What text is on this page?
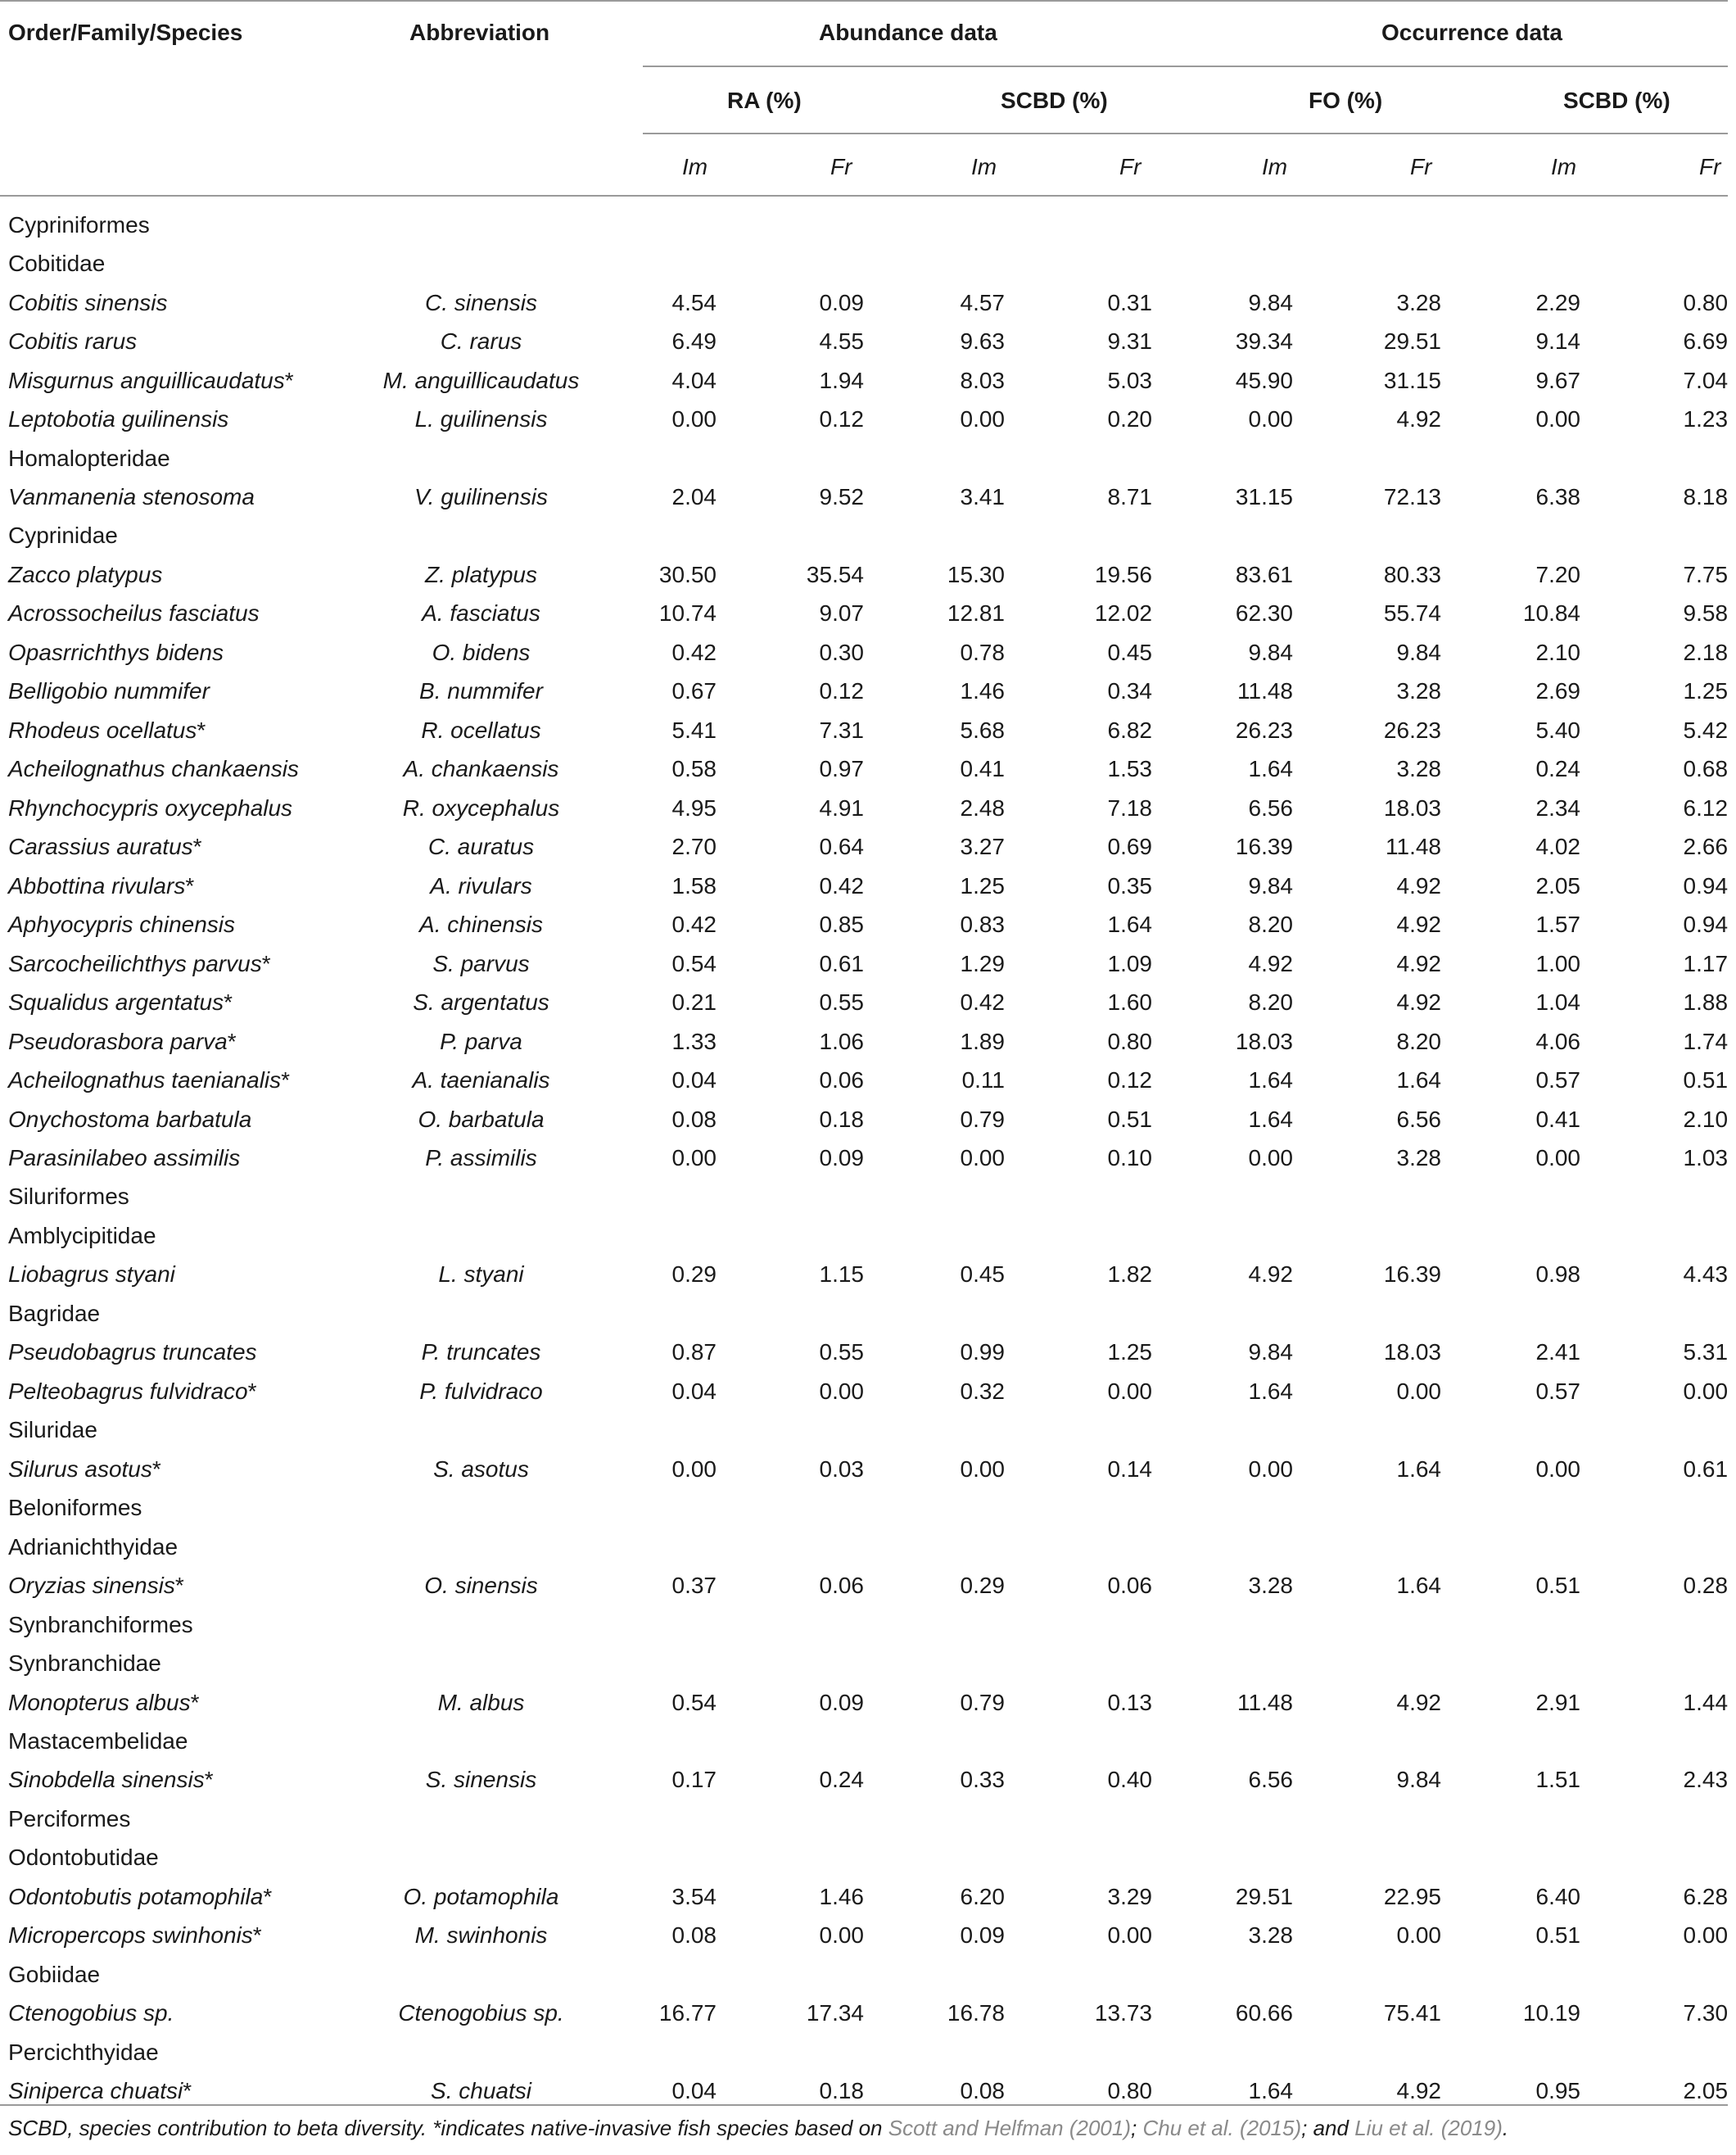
Order/Family/Species	Abbreviation	Abundance data	Occurrence data
RA (%)	SCBD (%)	FO (%)	SCBD (%)
Im	Fr	Im	Fr	Im	Fr	Im	Fr
Cypriniformes									
Cobitidae									
Cobitis sinensis	C. sinensis	4.54	0.09	4.57	0.31	9.84	3.28	2.29	0.80
Cobitis rarus	C. rarus	6.49	4.55	9.63	9.31	39.34	29.51	9.14	6.69
Misgurnus anguillicaudatus*	M. anguillicaudatus	4.04	1.94	8.03	5.03	45.90	31.15	9.67	7.04
Leptobotia guilinensis	L. guilinensis	0.00	0.12	0.00	0.20	0.00	4.92	0.00	1.23
Homalopteridae									
Vanmanenia stenosoma	V. guilinensis	2.04	9.52	3.41	8.71	31.15	72.13	6.38	8.18
Cyprinidae									
Zacco platypus	Z. platypus	30.50	35.54	15.30	19.56	83.61	80.33	7.20	7.75
Acrossocheilus fasciatus	A. fasciatus	10.74	9.07	12.81	12.02	62.30	55.74	10.84	9.58
Opasrrichthys bidens	O. bidens	0.42	0.30	0.78	0.45	9.84	9.84	2.10	2.18
Belligobio nummifer	B. nummifer	0.67	0.12	1.46	0.34	11.48	3.28	2.69	1.25
Rhodeus ocellatus*	R. ocellatus	5.41	7.31	5.68	6.82	26.23	26.23	5.40	5.42
Acheilognathus chankaensis	A. chankaensis	0.58	0.97	0.41	1.53	1.64	3.28	0.24	0.68
Rhynchocypris oxycephalus	R. oxycephalus	4.95	4.91	2.48	7.18	6.56	18.03	2.34	6.12
Carassius auratus*	C. auratus	2.70	0.64	3.27	0.69	16.39	11.48	4.02	2.66
Abbottina rivulars*	A. rivulars	1.58	0.42	1.25	0.35	9.84	4.92	2.05	0.94
Aphyocypris chinensis	A. chinensis	0.42	0.85	0.83	1.64	8.20	4.92	1.57	0.94
Sarcocheilichthys parvus*	S. parvus	0.54	0.61	1.29	1.09	4.92	4.92	1.00	1.17
Squalidus argentatus*	S. argentatus	0.21	0.55	0.42	1.60	8.20	4.92	1.04	1.88
Pseudorasbora parva*	P. parva	1.33	1.06	1.89	0.80	18.03	8.20	4.06	1.74
Acheilognathus taenianalis*	A. taenianalis	0.04	0.06	0.11	0.12	1.64	1.64	0.57	0.51
Onychostoma barbatula	O. barbatula	0.08	0.18	0.79	0.51	1.64	6.56	0.41	2.10
Parasinilabeo assimilis	P. assimilis	0.00	0.09	0.00	0.10	0.00	3.28	0.00	1.03
Siluriformes									
Amblycipitidae									
Liobagrus styani	L. styani	0.29	1.15	0.45	1.82	4.92	16.39	0.98	4.43
Bagridae									
Pseudobagrus truncates	P. truncates	0.87	0.55	0.99	1.25	9.84	18.03	2.41	5.31
Pelteobagrus fulvidraco*	P. fulvidraco	0.04	0.00	0.32	0.00	1.64	0.00	0.57	0.00
Siluridae									
Silurus asotus*	S. asotus	0.00	0.03	0.00	0.14	0.00	1.64	0.00	0.61
Beloniformes									
Adrianichthyidae									
Oryzias sinensis*	O. sinensis	0.37	0.06	0.29	0.06	3.28	1.64	0.51	0.28
Synbranchiformes									
Synbranchidae									
Monopterus albus*	M. albus	0.54	0.09	0.79	0.13	11.48	4.92	2.91	1.44
Mastacembelidae									
Sinobdella sinensis*	S. sinensis	0.17	0.24	0.33	0.40	6.56	9.84	1.51	2.43
Perciformes									
Odontobutidae									
Odontobutis potamophila*	O. potamophila	3.54	1.46	6.20	3.29	29.51	22.95	6.40	6.28
Micropercops swinhonis*	M. swinhonis	0.08	0.00	0.09	0.00	3.28	0.00	0.51	0.00
Gobiidae									
Ctenogobius sp.	Ctenogobius sp.	16.77	17.34	16.78	13.73	60.66	75.41	10.19	7.30
Percichthyidae									
Siniperca chuatsi*	S. chuatsi	0.04	0.18	0.08	0.80	1.64	4.92	0.95	2.05
SCBD, species contribution to beta diversity. *indicates native-invasive fish species based on Scott and Helfman (2001); Chu et al. (2015); and Liu et al. (2019).
